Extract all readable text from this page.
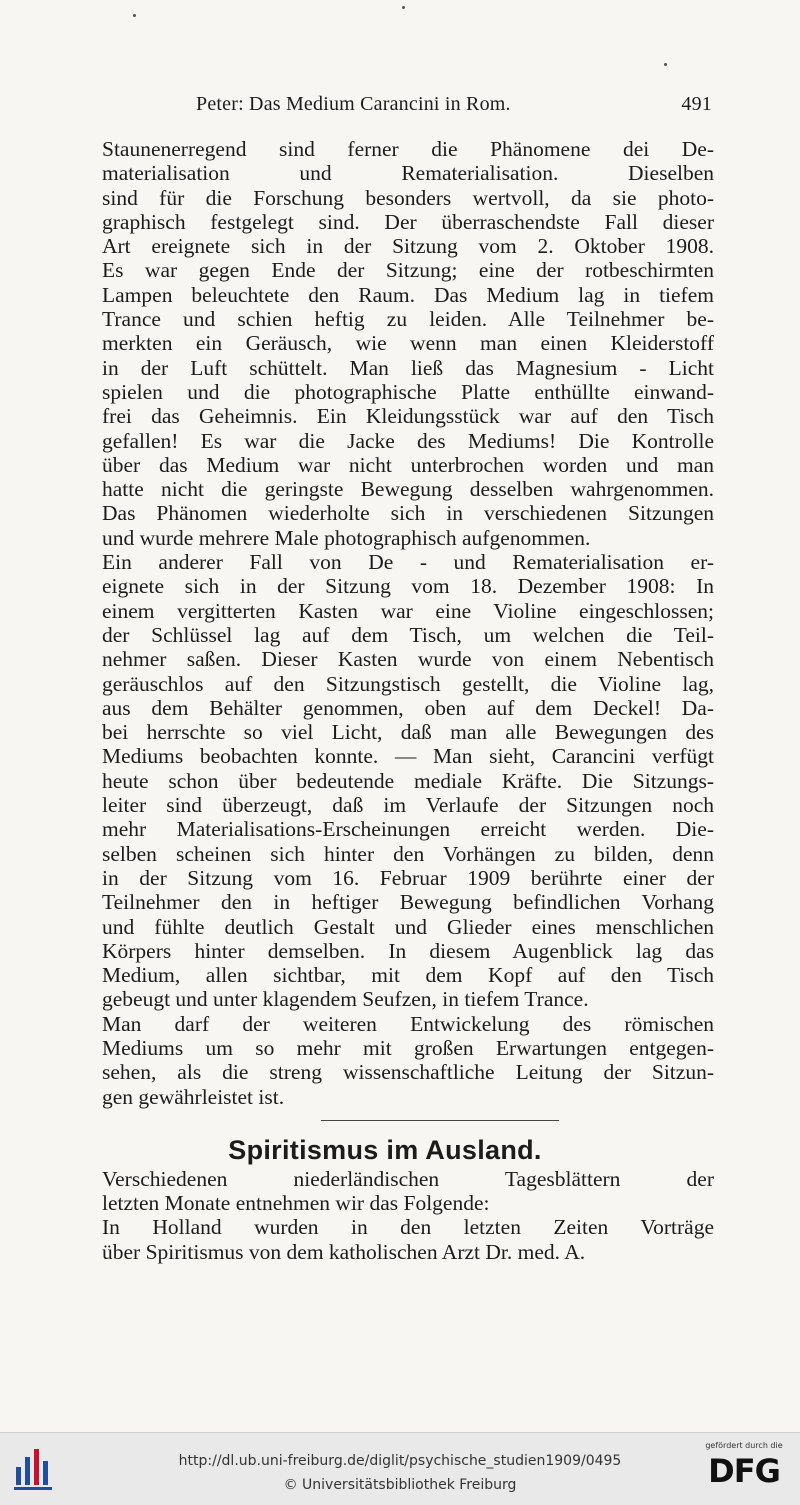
Peter: Das Medium Carancini in Rom.	491

Staunenerregend sind ferner die Phänomene dei De-
materialisation und Rematerialisation. Dieselben
sind für die Forschung besonders wertvoll, da sie photo-
graphisch festgelegt sind. Der überraschendste Fall dieser
Art ereignete sich in der Sitzung vom 2. Oktober 1908.
Es war gegen Ende der Sitzung; eine der rotbeschirmten
Lampen beleuchtete den Raum. Das Medium lag in tiefem
Trance und schien heftig zu leiden. Alle Teilnehmer be-
merkten ein Geräusch, wie wenn man einen Kleiderstoff
in der Luft schüttelt. Man ließ das Magnesium - Licht
spielen und die photographische Platte enthüllte einwand-
frei das Geheimnis. Ein Kleidungsstück war auf den Tisch
gefallen! Es war die Jacke des Mediums! Die Kontrolle
über das Medium war nicht unterbrochen worden und man
hatte nicht die geringste Bewegung desselben wahrgenommen.
Das Phänomen wiederholte sich in verschiedenen Sitzungen
und wurde mehrere Male photographisch aufgenommen.

Ein anderer Fall von De - und Rematerialisation er-
eignete sich in der Sitzung vom 18. Dezember 1908: In
einem vergitterten Kasten war eine Violine eingeschlossen;
der Schlüssel lag auf dem Tisch, um welchen die Teil-
nehmer saßen. Dieser Kasten wurde von einem Nebentisch
geräuschlos auf den Sitzungstisch gestellt, die Violine lag,
aus dem Behälter genommen, oben auf dem Deckel! Da-
bei herrschte so viel Licht, daß man alle Bewegungen des
Mediums beobachten konnte. — Man sieht, Carancini verfügt
heute schon über bedeutende mediale Kräfte. Die Sitzungs-
leiter sind überzeugt, daß im Verlaufe der Sitzungen noch
mehr Materialisations-Erscheinungen erreicht werden. Die-
selben scheinen sich hinter den Vorhängen zu bilden, denn
in der Sitzung vom 16. Februar 1909 berührte einer der
Teilnehmer den in heftiger Bewegung befindlichen Vorhang
und fühlte deutlich Gestalt und Glieder eines menschlichen
Körpers hinter demselben. In diesem Augenblick lag das
Medium, allen sichtbar, mit dem Kopf auf den Tisch
gebeugt und unter klagendem Seufzen, in tiefem Trance.

Man darf der weiteren Entwickelung des römischen
Mediums um so mehr mit großen Erwartungen entgegen-
sehen, als die streng wissenschaftliche Leitung der Sitzun-
gen gewährleistet ist.

Spiritismus im Ausland.

Verschiedenen niederländischen Tagesblättern der
letzten Monate entnehmen wir das Folgende:

In Holland wurden in den letzten Zeiten Vorträge
über Spiritismus von dem katholischen Arzt Dr. med. A.

http://dl.ub.uni-freiburg.de/diglit/psychische_studien1909/0495
© Universitätsbibliothek Freiburg
gefördert durch die
DFG
